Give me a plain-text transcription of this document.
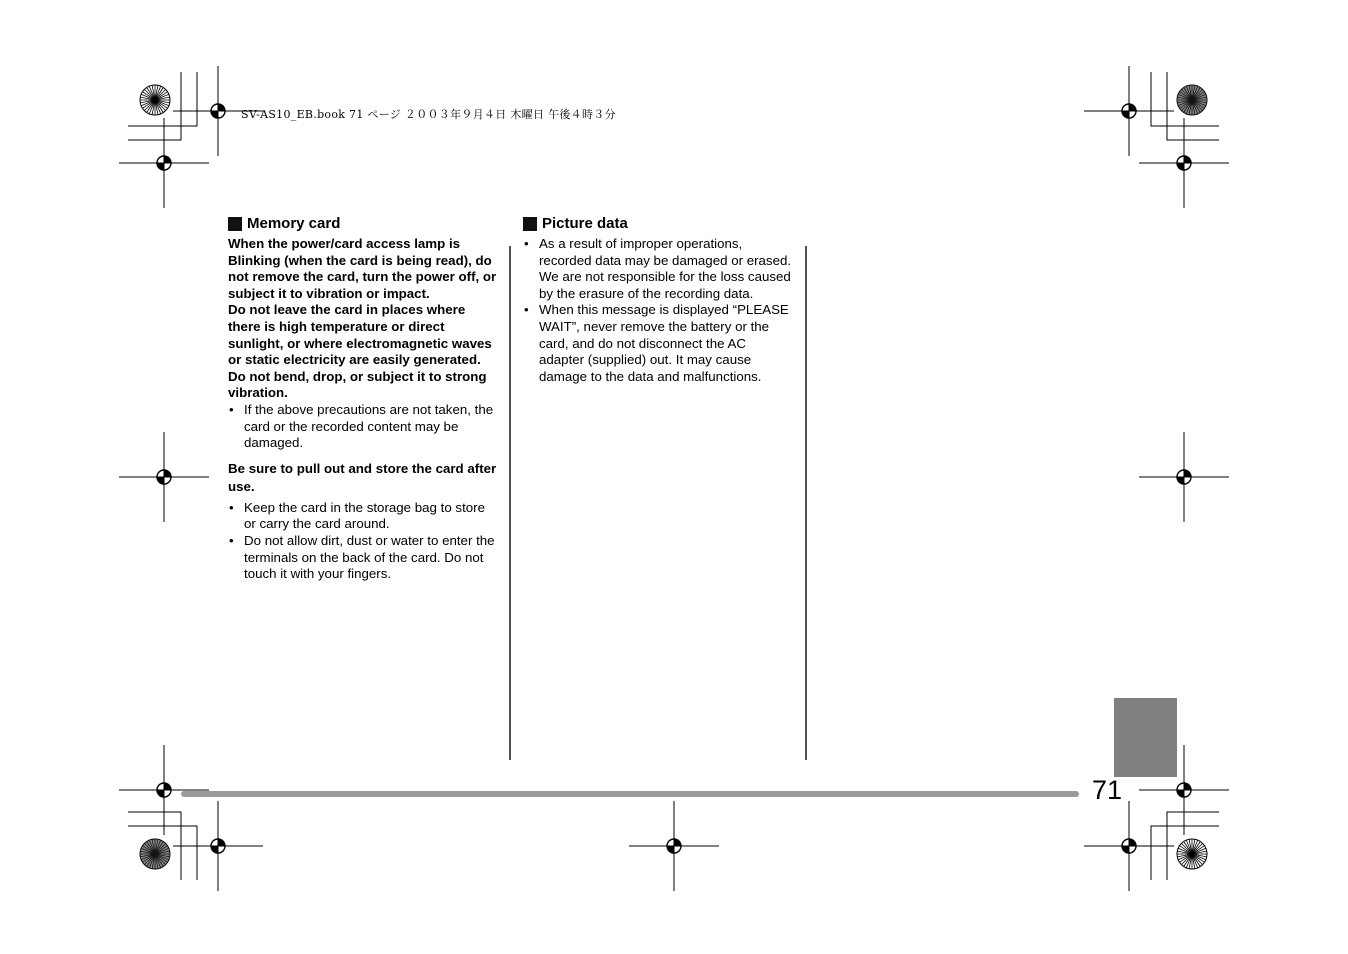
SV-AS10_EB.book 71 ページ ２００３年９月４日 木曜日 午後４時３分
Memory card

When the power/card access lamp is Blinking (when the card is being read), do not remove the card, turn the power off, or subject it to vibration or impact.

Do not leave the card in places where there is high temperature or direct sunlight, or where electromagnetic waves or static electricity are easily generated. Do not bend, drop, or subject it to strong vibration.

• If the above precautions are not taken, the card or the recorded content may be damaged.

Be sure to pull out and store the card after use.

• Keep the card in the storage bag to store or carry the card around.
• Do not allow dirt, dust or water to enter the terminals on the back of the card. Do not touch it with your fingers.
Picture data
• As a result of improper operations, recorded data may be damaged or erased. We are not responsible for the loss caused by the erasure of the recording data.
• When this message is displayed “PLEASE WAIT”, never remove the battery or the card, and do not disconnect the AC adapter (supplied) out. It may cause damage to the data and malfunctions.
71
